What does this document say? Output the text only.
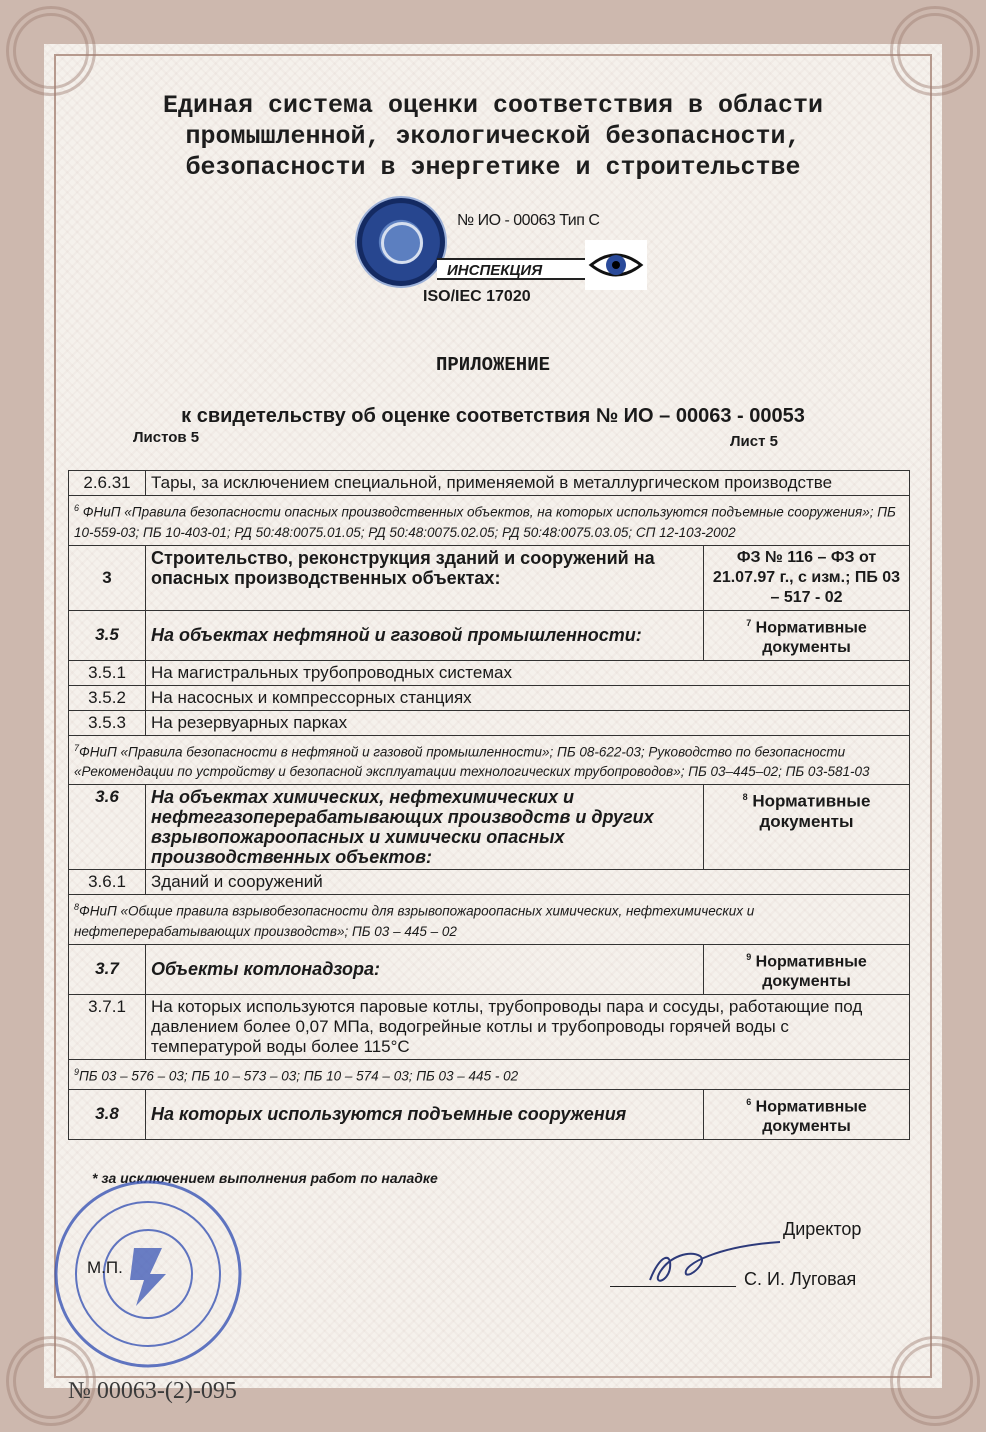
Единая система оценки соответствия в области
промышленной, экологической безопасности,
безопасности в энергетике и строительстве
№ ИО - 00063 Тип С
ИНСПЕКЦИЯ
ISO/IEC 17020
ПРИЛОЖЕНИЕ
к свидетельству об оценке соответствия № ИО – 00063 - 00053
Листов 5	Лист 5
2.6.31	Тары, за исключением специальной, применяемой в металлургическом производстве	
$^6$ ФНиП «Правила безопасности опасных производственных объектов, на которых используются подъемные сооружения»; ПБ 10-559-03; ПБ 10-403-01; РД 50:48:0075.01.05; РД 50:48:0075.02.05; РД 50:48:0075.03.05; СП 12-103-2002		
3	Строительство, реконструкция зданий и сооружений на опасных производственных объектах:	ФЗ № 116 – ФЗ от 21.07.97 г., с изм.; ПБ 03 – 517 - 02
3.5	На объектах нефтяной и газовой промышленности:	$^7$ Нормативные документы
3.5.1	На магистральных трубопроводных системах	
3.5.2	На насосных и компрессорных станциях	
3.5.3	На резервуарных парках	
$^7$ФНиП «Правила безопасности в нефтяной и газовой промышленности»; ПБ 08-622-03; Руководство по безопасности «Рекомендации по устройству и безопасной эксплуатации технологических трубопроводов»; ПБ 03–445–02; ПБ 03-581-03		
3.6	На объектах химических, нефтехимических и нефтегазоперерабатывающих производств и других взрывопожароопасных и химически опасных производственных объектов:	$^8$ Нормативные документы
3.6.1	Зданий и сооружений	
$^8$ФНиП «Общие правила взрывобезопасности для взрывопожароопасных химических, нефтехимических и нефтеперерабатывающих производств»; ПБ 03 – 445 – 02		
3.7	Объекты котлонадзора:	$^9$ Нормативные документы
3.7.1	На которых используются паровые котлы, трубопроводы пара и сосуды, работающие под давлением более 0,07 МПа, водогрейные котлы и трубопроводы горячей воды с температурой воды более 115°С	
$^9$ПБ 03 – 576 – 03; ПБ 10 – 573 – 03; ПБ 10 – 574 – 03; ПБ 03 – 445 - 02		
3.8	На которых используются подъемные сооружения	$^6$ Нормативные документы
* за исключением выполнения работ по наладке
Директор
С. И. Луговая
М.П.
№ 00063-(2)-095
